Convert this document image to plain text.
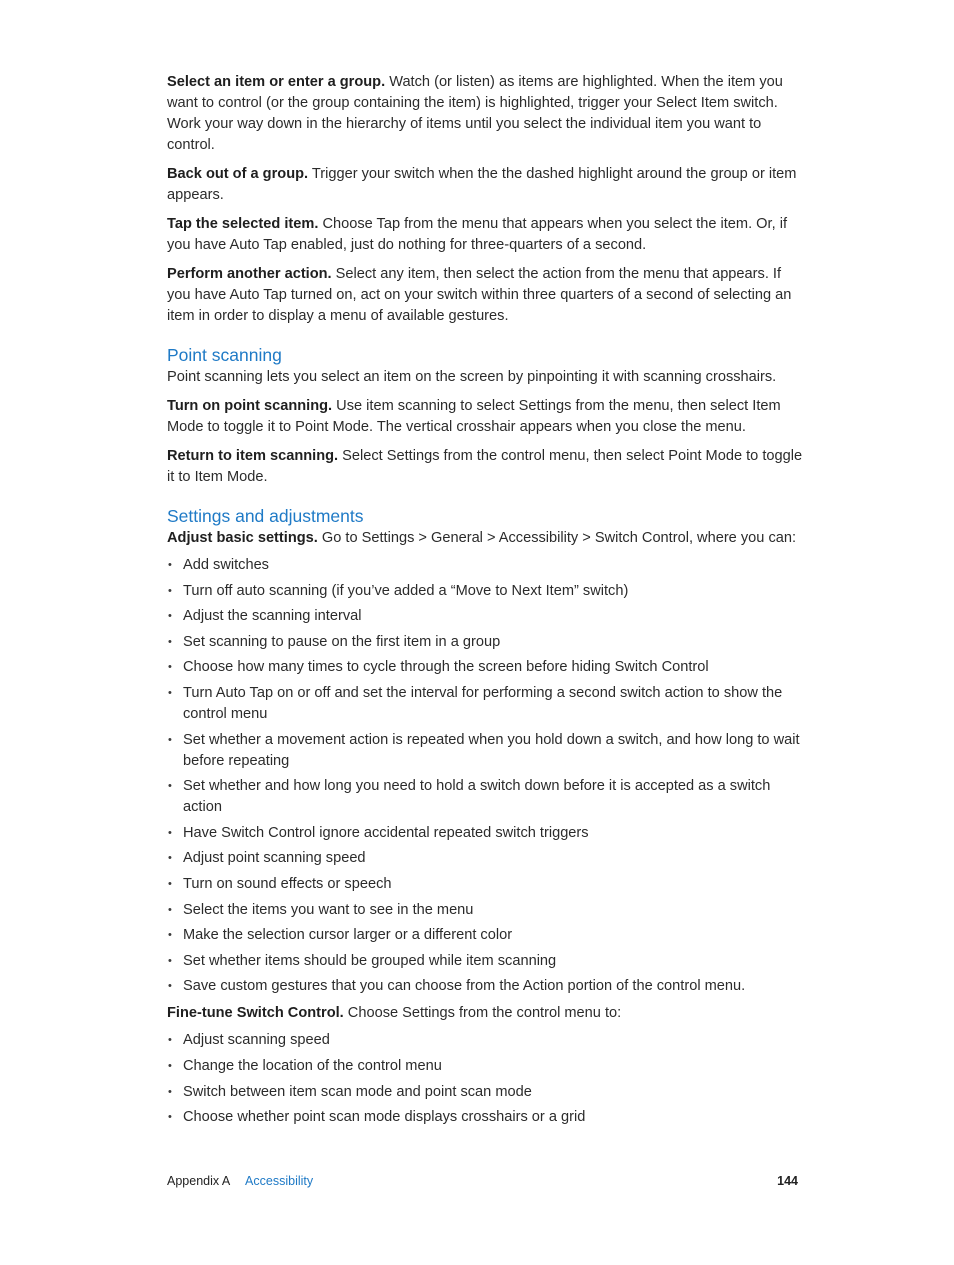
Select an item or enter a group. Watch (or listen) as items are highlighted. When the item you want to control (or the group containing the item) is highlighted, trigger your Select Item switch. Work your way down in the hierarchy of items until you select the individual item you want to control.

Back out of a group. Trigger your switch when the the dashed highlight around the group or item appears.

Tap the selected item. Choose Tap from the menu that appears when you select the item. Or, if you have Auto Tap enabled, just do nothing for three-quarters of a second.

Perform another action. Select any item, then select the action from the menu that appears. If you have Auto Tap turned on, act on your switch within three quarters of a second of selecting an item in order to display a menu of available gestures.

Point scanning

Point scanning lets you select an item on the screen by pinpointing it with scanning crosshairs.

Turn on point scanning. Use item scanning to select Settings from the menu, then select Item Mode to toggle it to Point Mode. The vertical crosshair appears when you close the menu.

Return to item scanning. Select Settings from the control menu, then select Point Mode to toggle it to Item Mode.

Settings and adjustments

Adjust basic settings. Go to Settings > General > Accessibility > Switch Control, where you can:

• Add switches
• Turn off auto scanning (if you’ve added a “Move to Next Item” switch)
• Adjust the scanning interval
• Set scanning to pause on the first item in a group
• Choose how many times to cycle through the screen before hiding Switch Control
• Turn Auto Tap on or off and set the interval for performing a second switch action to show the control menu
• Set whether a movement action is repeated when you hold down a switch, and how long to wait before repeating
• Set whether and how long you need to hold a switch down before it is accepted as a switch action
• Have Switch Control ignore accidental repeated switch triggers
• Adjust point scanning speed
• Turn on sound effects or speech
• Select the items you want to see in the menu
• Make the selection cursor larger or a different color
• Set whether items should be grouped while item scanning
• Save custom gestures that you can choose from the Action portion of the control menu.

Fine-tune Switch Control. Choose Settings from the control menu to:

• Adjust scanning speed
• Change the location of the control menu
• Switch between item scan mode and point scan mode
• Choose whether point scan mode displays crosshairs or a grid
Appendix A Accessibility	144
